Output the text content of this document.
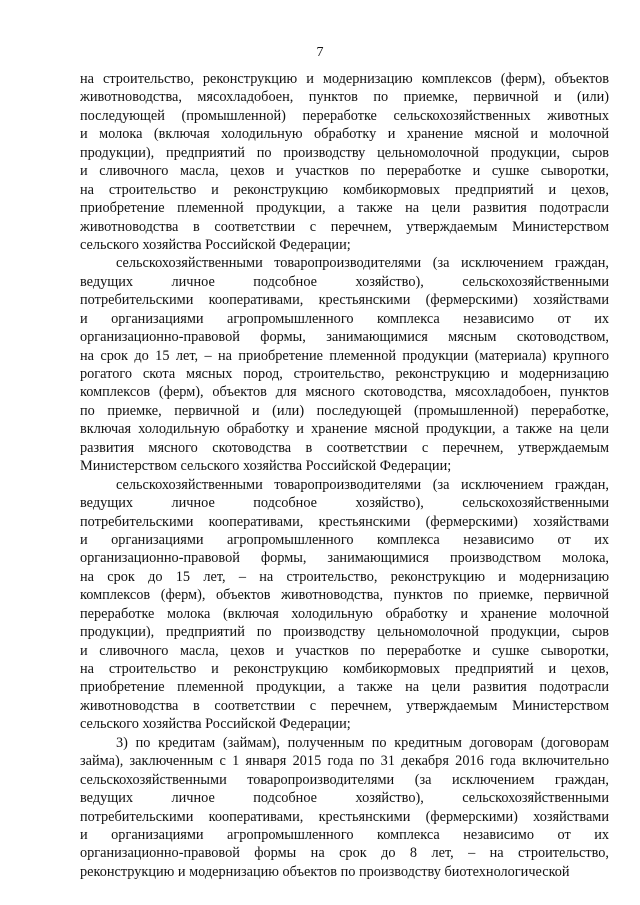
7
на строительство, реконструкцию и модернизацию комплексов (ферм), объектов
животноводства, мясохладобоен, пунктов по приемке, первичной и (или)
последующей (промышленной) переработке сельскохозяйственных животных
и молока (включая холодильную обработку и хранение мясной и молочной
продукции), предприятий по производству цельномолочной продукции, сыров
и сливочного масла, цехов и участков по переработке и сушке сыворотки,
на строительство и реконструкцию комбикормовых предприятий и цехов,
приобретение племенной продукции, а также на цели развития подотрасли
животноводства в соответствии с перечнем, утверждаемым Министерством
сельского хозяйства Российской Федерации;
сельскохозяйственными товаропроизводителями (за исключением граждан,
ведущих личное подсобное хозяйство), сельскохозяйственными
потребительскими кооперативами, крестьянскими (фермерскими) хозяйствами
и организациями агропромышленного комплекса независимо от их
организационно-правовой формы, занимающимися мясным скотоводством,
на срок до 15 лет, – на приобретение племенной продукции (материала) крупного
рогатого скота мясных пород, строительство, реконструкцию и модернизацию
комплексов (ферм), объектов для мясного скотоводства, мясохладобоен, пунктов
по приемке, первичной и (или) последующей (промышленной) переработке,
включая холодильную обработку и хранение мясной продукции, а также на цели
развития мясного скотоводства в соответствии с перечнем, утверждаемым
Министерством сельского хозяйства Российской Федерации;
сельскохозяйственными товаропроизводителями (за исключением граждан,
ведущих личное подсобное хозяйство), сельскохозяйственными
потребительскими кооперативами, крестьянскими (фермерскими) хозяйствами
и организациями агропромышленного комплекса независимо от их
организационно-правовой формы, занимающимися производством молока,
на срок до 15 лет, – на строительство, реконструкцию и модернизацию
комплексов (ферм), объектов животноводства, пунктов по приемке, первичной
переработке молока (включая холодильную обработку и хранение молочной
продукции), предприятий по производству цельномолочной продукции, сыров
и сливочного масла, цехов и участков по переработке и сушке сыворотки,
на строительство и реконструкцию комбикормовых предприятий и цехов,
приобретение племенной продукции, а также на цели развития подотрасли
животноводства в соответствии с перечнем, утверждаемым Министерством
сельского хозяйства Российской Федерации;
3) по кредитам (займам), полученным по кредитным договорам (договорам
займа), заключенным с 1 января 2015 года по 31 декабря 2016 года включительно
сельскохозяйственными товаропроизводителями (за исключением граждан,
ведущих личное подсобное хозяйство), сельскохозяйственными
потребительскими кооперативами, крестьянскими (фермерскими) хозяйствами
и организациями агропромышленного комплекса независимо от их
организационно-правовой формы на срок до 8 лет, – на строительство,
реконструкцию и модернизацию объектов по производству биотехнологической
